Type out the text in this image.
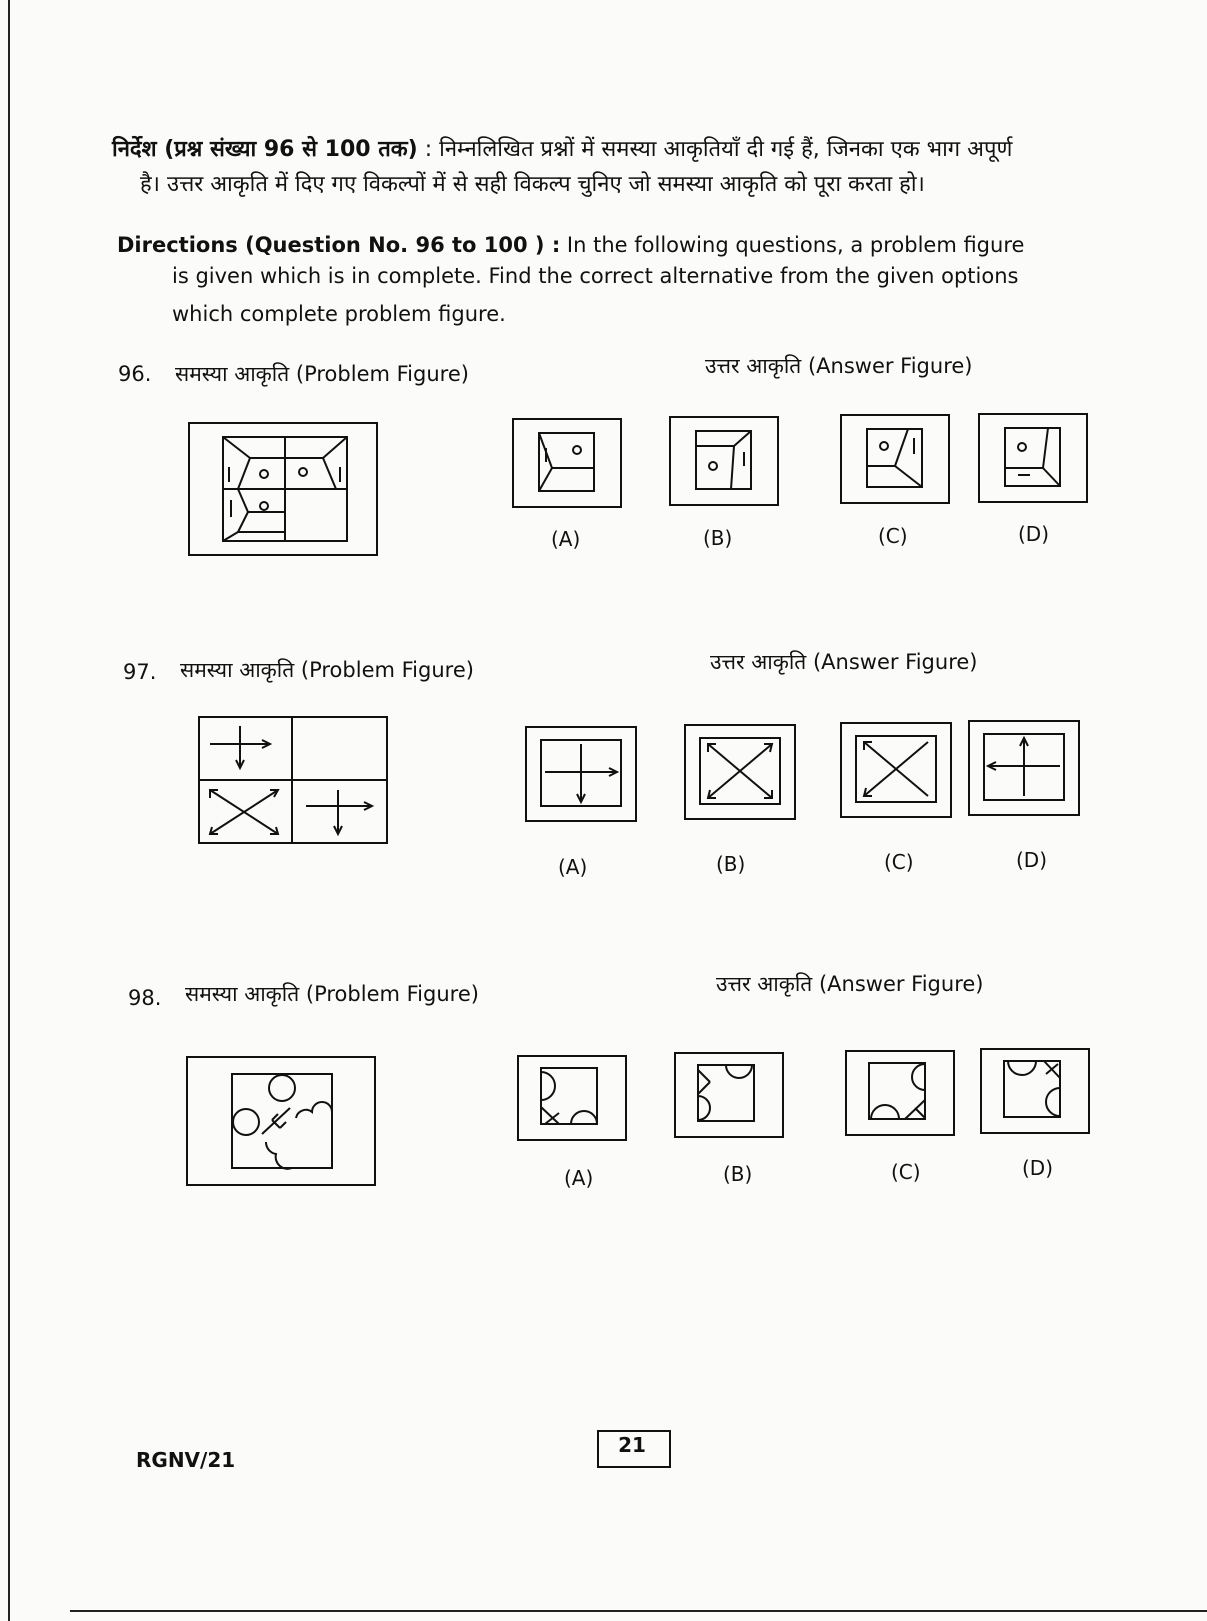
निर्देश (प्रश्न संख्या 96 से 100 तक) : निम्नलिखित प्रश्नों में समस्या आकृतियाँ दी गई हैं, जिनका एक भाग अपूर्ण
है। उत्तर आकृति में दिए गए विकल्पों में से सही विकल्प चुनिए जो समस्या आकृति को पूरा करता हो।
Directions (Question No. 96 to 100 ) : In the following questions, a problem figure
is given which is in complete. Find the correct alternative from the given options
which complete problem figure.
96. समस्या आकृति (Problem Figure)	उत्तर आकृति (Answer Figure)
(A)	(B)	(C)	(D)
97. समस्या आकृति (Problem Figure)	उत्तर आकृति (Answer Figure)
(A)	(B)	(C)	(D)
98. समस्या आकृति (Problem Figure)	उत्तर आकृति (Answer Figure)
(A)	(B)	(C)	(D)
RGNV/21
21
